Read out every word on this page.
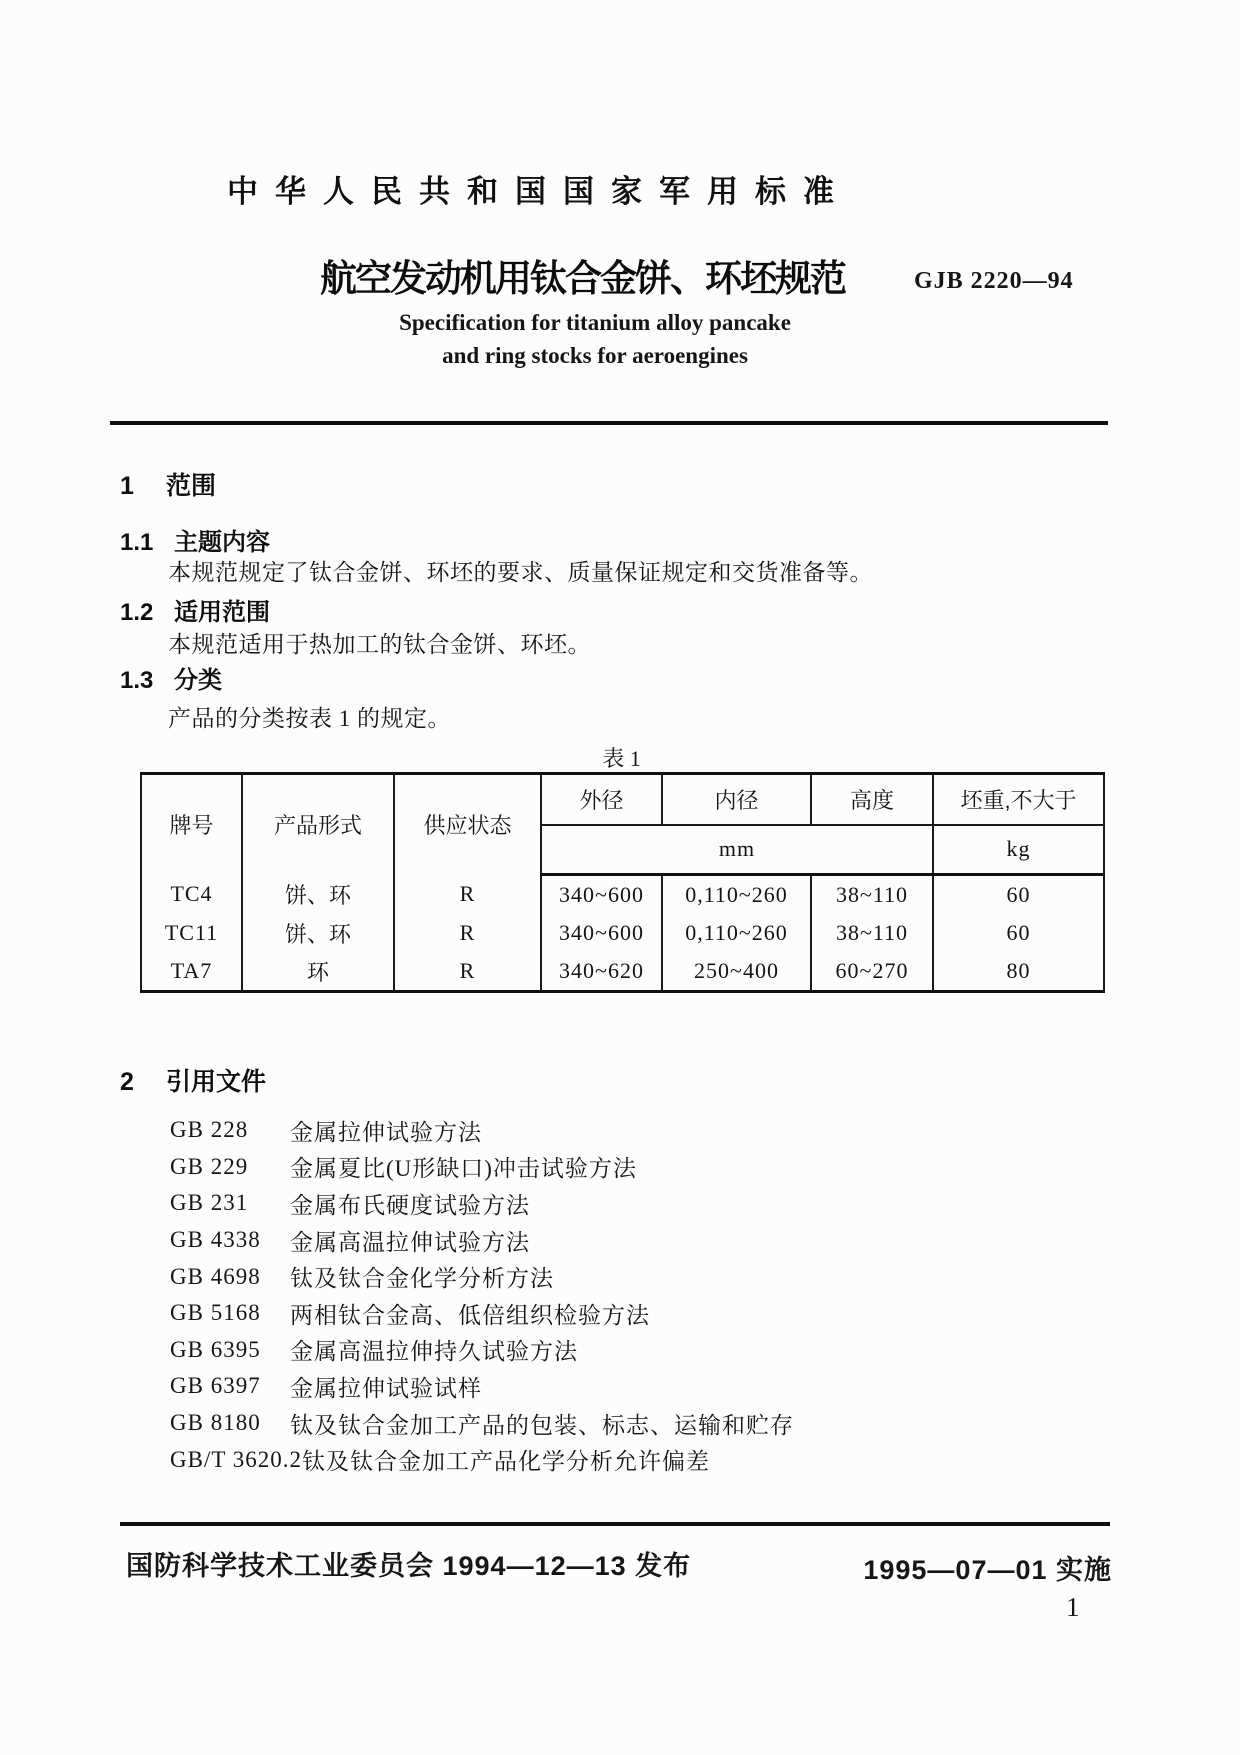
中华人民共和国国家军用标准
航空发动机用钛合金饼、环坯规范	GJB 2220—94
Specification for titanium alloy pancake
and ring stocks for aeroengines
1 范围
1.1 主题内容
本规范规定了钛合金饼、环坯的要求、质量保证规定和交货准备等。
1.2 适用范围
本规范适用于热加工的钛合金饼、环坯。
1.3 分类
产品的分类按表 1 的规定。
表 1
牌号	产品形式	供应状态	外径	内径	高度	坯重,不大于
			mm			kg
TC4	饼、环	R	340~600	0,110~260	38~110	60
TC11	饼、环	R	340~600	0,110~260	38~110	60
TA7	环	R	340~620	250~400	60~270	80
2 引用文件
GB 228	金属拉伸试验方法
GB 229	金属夏比(U形缺口)冲击试验方法
GB 231	金属布氏硬度试验方法
GB 4338	金属高温拉伸试验方法
GB 4698	钛及钛合金化学分析方法
GB 5168	两相钛合金高、低倍组织检验方法
GB 6395	金属高温拉伸持久试验方法
GB 6397	金属拉伸试验试样
GB 8180	钛及钛合金加工产品的包装、标志、运输和贮存
GB/T 3620.2 钛及钛合金加工产品化学分析允许偏差
国防科学技术工业委员会 1994—12—13 发布	1995—07—01 实施
1
